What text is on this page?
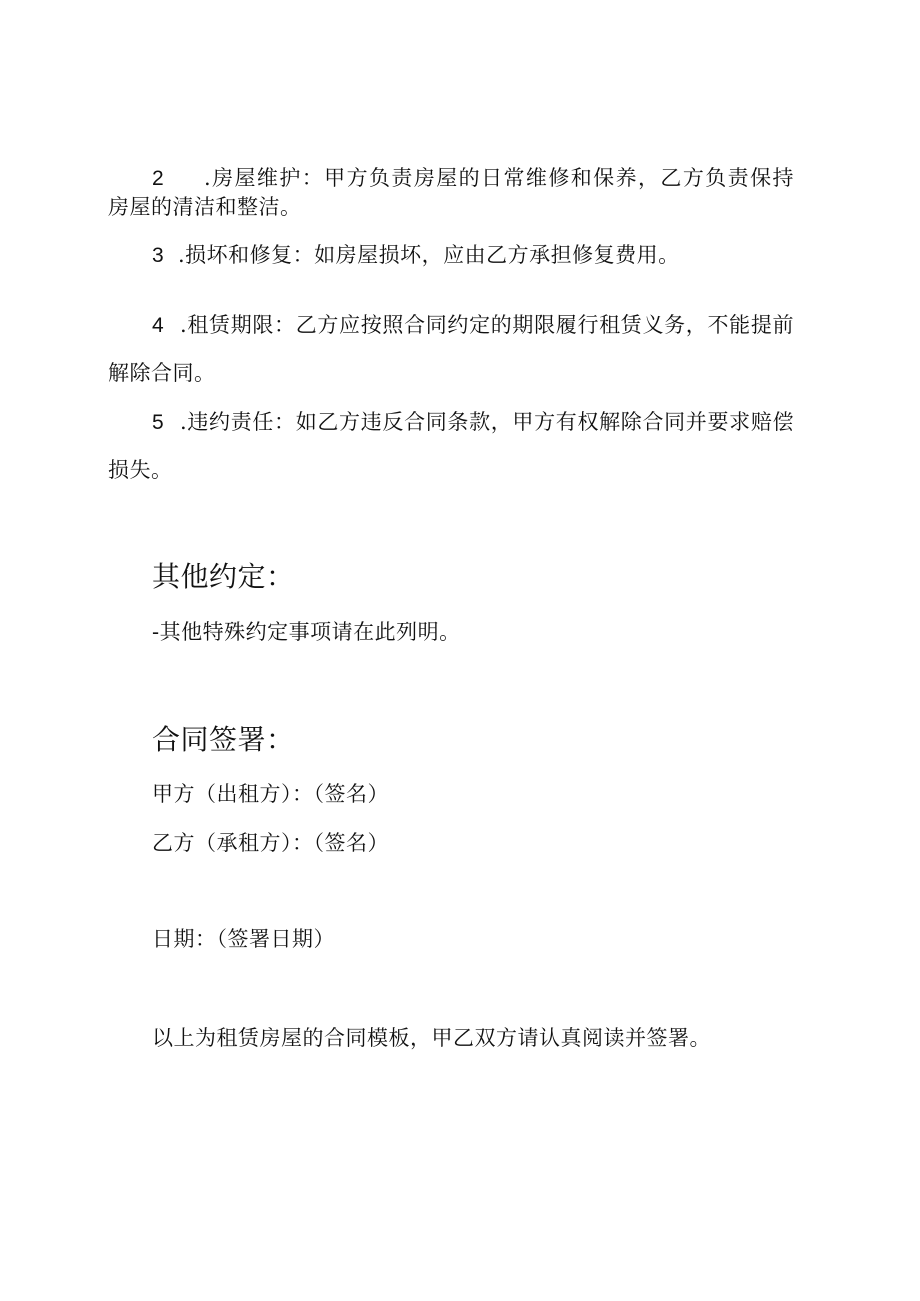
2 .房屋维护：甲方负责房屋的日常维修和保养，乙方负责保持
房屋的清洁和整洁。
3 .损坏和修复：如房屋损坏，应由乙方承担修复费用。
4 .租赁期限：乙方应按照合同约定的期限履行租赁义务，不能提前
解除合同。
5 .违约责任：如乙方违反合同条款，甲方有权解除合同并要求赔偿
损失。
其他约定：
-其他特殊约定事项请在此列明。
合同签署：
甲方（出租方）：（签名）
乙方（承租方）：（签名）
日期：（签署日期）
以上为租赁房屋的合同模板，甲乙双方请认真阅读并签署。
